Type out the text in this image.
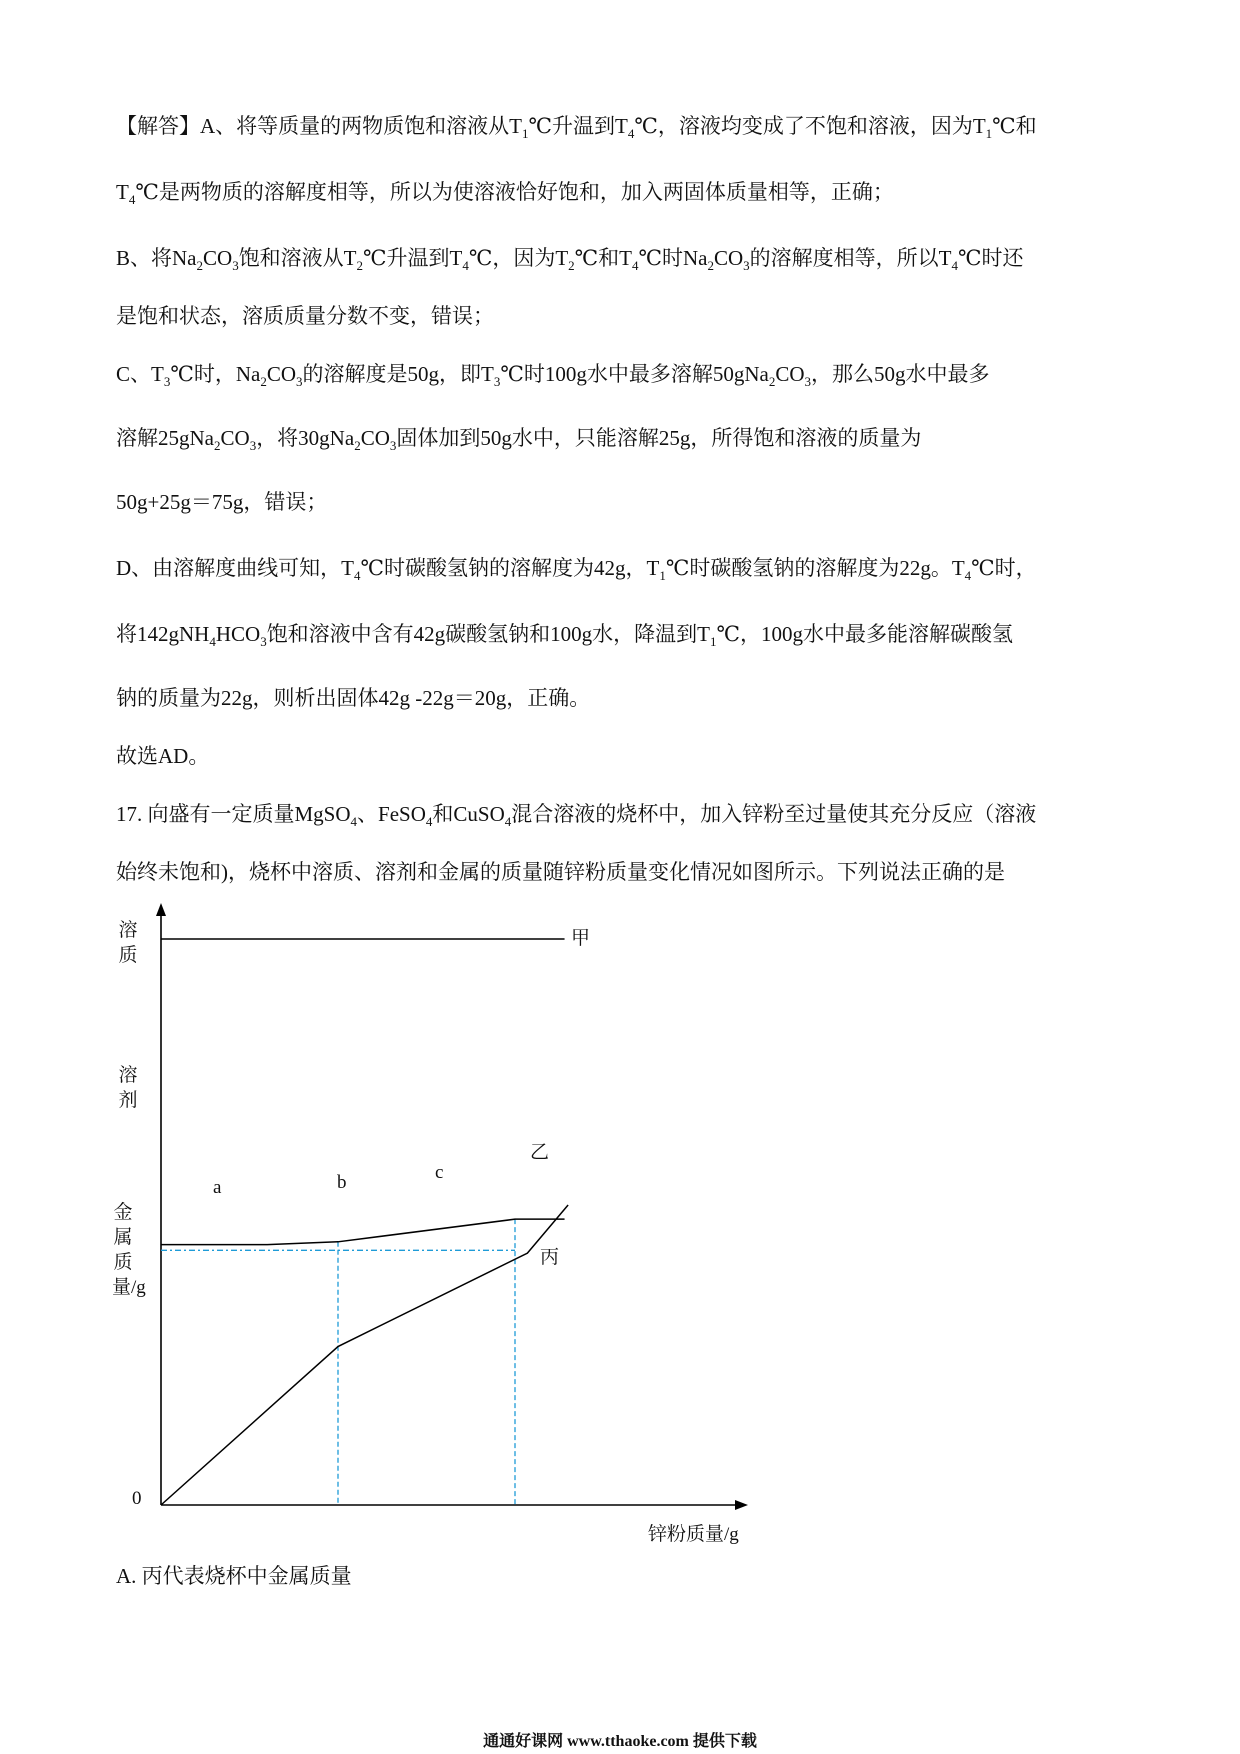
【解答】A、将等质量的两物质饱和溶液从$T_1℃$升温到$T_4℃$，溶液均变成了不饱和溶液，因为$T_1℃$和
$T_4℃$是两物质的溶解度相等，所以为使溶液恰好饱和，加入两固体质量相等，正确；
B、将$Na_2CO_3$饱和溶液从$T_2℃$升温到$T_4℃$，因为$T_2℃$和$T_4℃$时$Na_2CO_3$的溶解度相等，所以$T_4℃$时还
是饱和状态，溶质质量分数不变，错误；
C、$T_3℃$时，$Na_2CO_3$的溶解度是50g，即$T_3℃$时100g水中最多溶解$50gNa_2CO_3$，那么50g水中最多
溶解$25gNa_2CO_3$，将$30gNa_2CO_3$固体加到50g水中，只能溶解25g，所得饱和溶液的质量为
50g+25g＝75g，错误；
D、由溶解度曲线可知，$T_4℃$时碳酸氢钠的溶解度为42g，$T_1℃$时碳酸氢钠的溶解度为22g。$T_4℃$时，
将$142gNH_4HCO_3$饱和溶液中含有42g碳酸氢钠和100g水，降温到$T_1℃$，100g水中最多能溶解碳酸氢
钠的质量为22g，则析出固体42g -22g＝20g，正确。
故选AD。
17. 向盛有一定质量MgSO$_4$、FeSO$_4$和CuSO$_4$混合溶液的烧杯中，加入锌粉至过量使其充分反应（溶液
始终未饱和)，烧杯中溶质、溶剂和金属的质量随锌粉质量变化情况如图所示。下列说法正确的是
A. 丙代表烧杯中金属质量
溶质
溶剂
金属质量/g
0
锌粉质量/g
甲
乙
丙
a	b	c
通通好课网 www.tthaoke.com 提供下载
